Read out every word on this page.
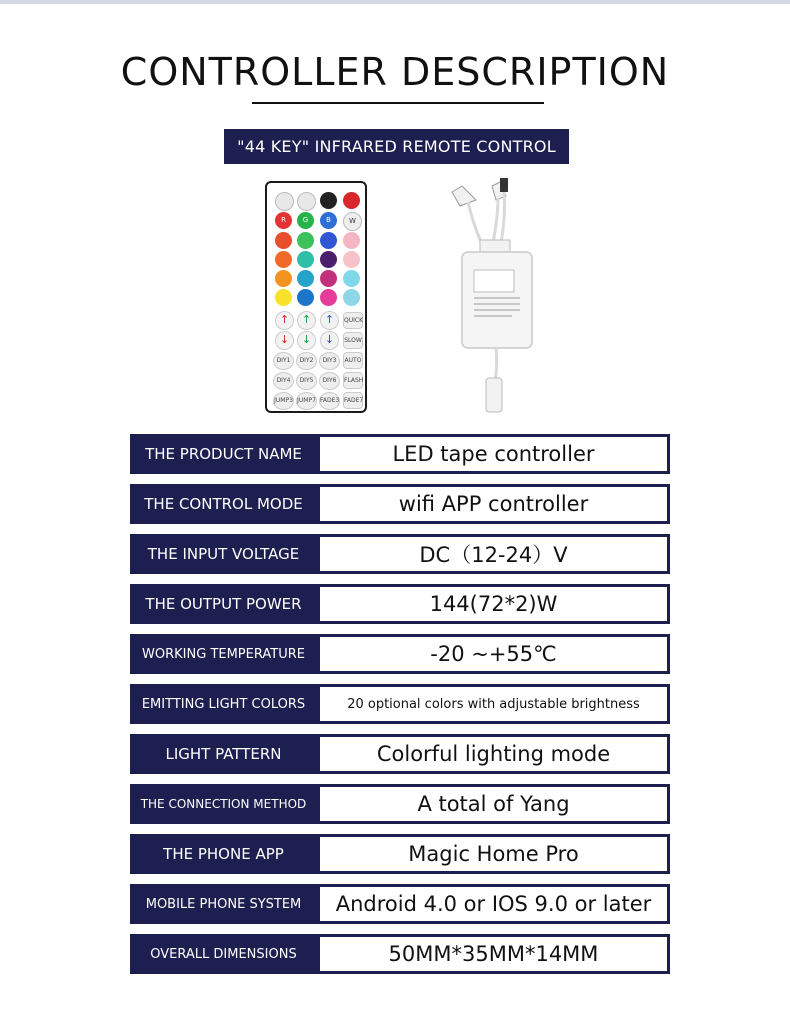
CONTROLLER DESCRIPTION
"44 KEY" INFRARED REMOTE CONTROL
R	G	B	W
↑	↑	↑	QUICK
↓	↓	↓	SLOW
DIY1	DIY2	DIY3	AUTO
DIY4	DIY5	DIY6	FLASH
JUMP3 JUMP7 FADE3 FADE7
THE PRODUCT NAME	LED tape controller
THE CONTROL MODE	wifi APP controller
THE INPUT VOLTAGE	DC（12-24）V
THE OUTPUT POWER	144(72*2)W
WORKING TEMPERATURE	-20 ~+55℃
EMITTING LIGHT COLORS	20 optional colors with adjustable brightness
LIGHT PATTERN	Colorful lighting mode
THE CONNECTION METHOD	A total of Yang
THE PHONE APP	Magic Home Pro
MOBILE PHONE SYSTEM	Android 4.0 or IOS 9.0 or later
OVERALL DIMENSIONS	50MM*35MM*14MM
